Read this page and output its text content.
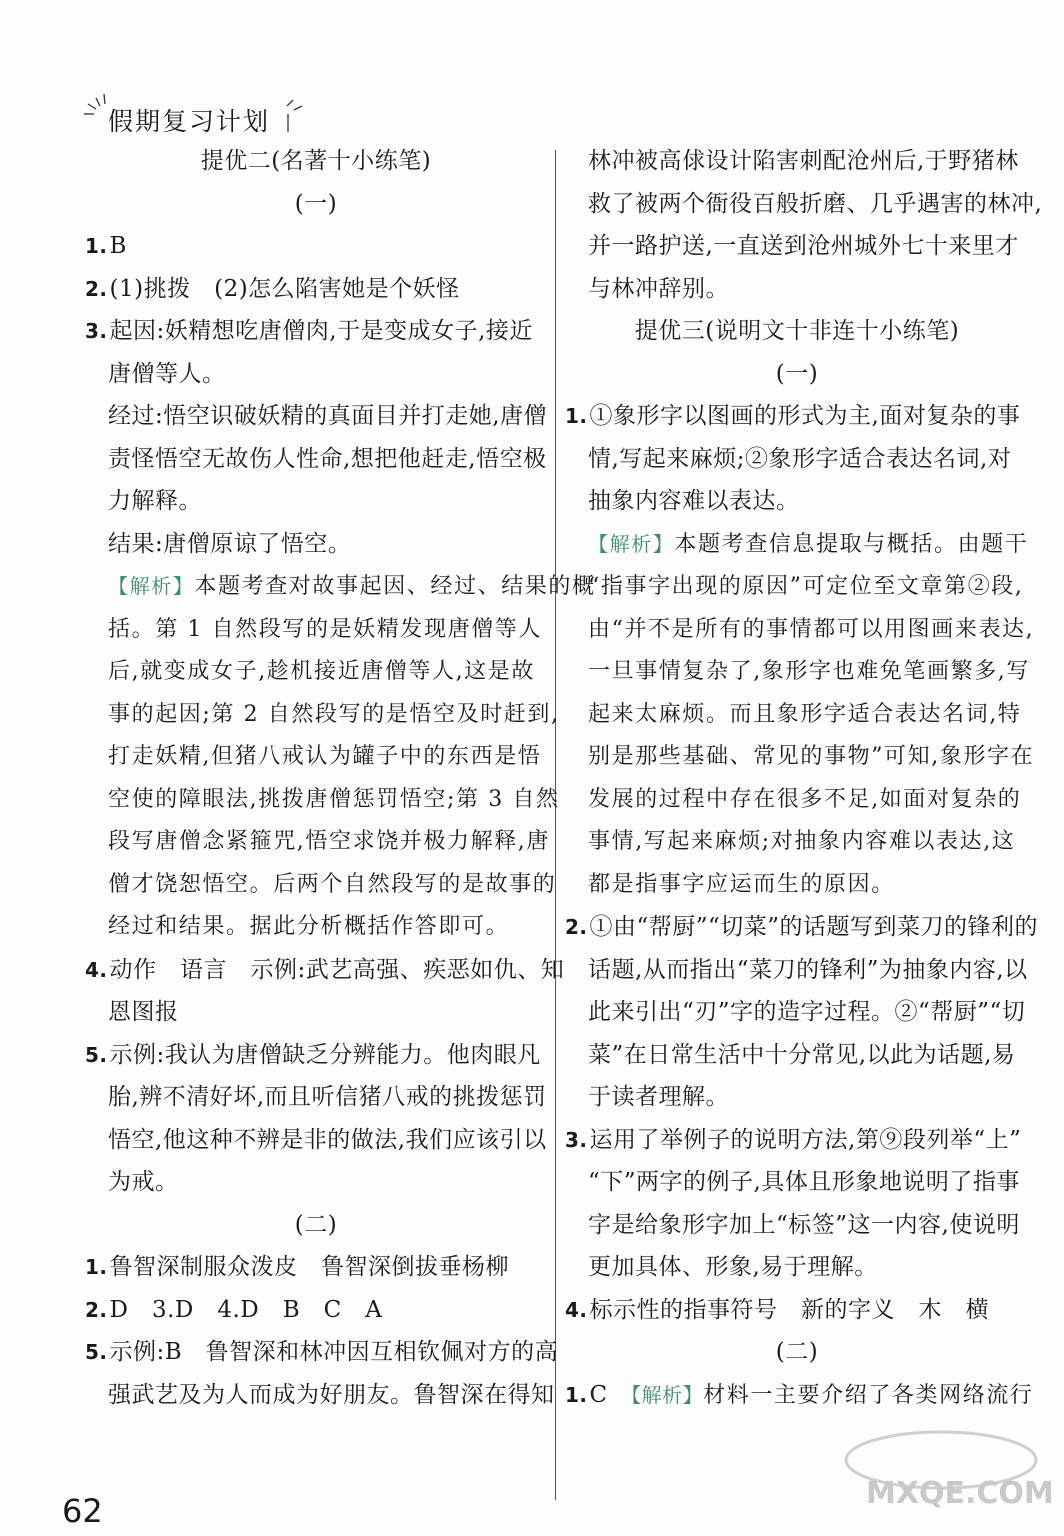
假期复习计划
提优二(名著十小练笔)
(一)
1.B
2.(1)挑拨　(2)怎么陷害她是个妖怪
3.起因:妖精想吃唐僧肉,于是变成女子,接近
唐僧等人。
经过:悟空识破妖精的真面目并打走她,唐僧
责怪悟空无故伤人性命,想把他赶走,悟空极
力解释。
结果:唐僧原谅了悟空。
【解析】本题考查对故事起因、经过、结果的概
括。第 1 自然段写的是妖精发现唐僧等人
后,就变成女子,趁机接近唐僧等人,这是故
事的起因;第 2 自然段写的是悟空及时赶到,
打走妖精,但猪八戒认为罐子中的东西是悟
空使的障眼法,挑拨唐僧惩罚悟空;第 3 自然
段写唐僧念紧箍咒,悟空求饶并极力解释,唐
僧才饶恕悟空。后两个自然段写的是故事的
经过和结果。据此分析概括作答即可。
4.动作　语言　示例:武艺高强、疾恶如仇、知
恩图报
5.示例:我认为唐僧缺乏分辨能力。他肉眼凡
胎,辨不清好坏,而且听信猪八戒的挑拨惩罚
悟空,他这种不辨是非的做法,我们应该引以
为戒。
(二)
1.鲁智深制服众泼皮　鲁智深倒拔垂杨柳
2.D　3.D　4.D　B　C　A
5.示例:B　鲁智深和林冲因互相钦佩对方的高
强武艺及为人而成为好朋友。鲁智深在得知
林冲被高俅设计陷害刺配沧州后,于野猪林
救了被两个衙役百般折磨、几乎遇害的林冲,
并一路护送,一直送到沧州城外七十来里才
与林冲辞别。
提优三(说明文十非连十小练笔)
(一)
1.①象形字以图画的形式为主,面对复杂的事
情,写起来麻烦;②象形字适合表达名词,对
抽象内容难以表达。
【解析】本题考查信息提取与概括。由题干
“指事字出现的原因”可定位至文章第②段,
由“并不是所有的事情都可以用图画来表达,
一旦事情复杂了,象形字也难免笔画繁多,写
起来太麻烦。而且象形字适合表达名词,特
别是那些基础、常见的事物”可知,象形字在
发展的过程中存在很多不足,如面对复杂的
事情,写起来麻烦;对抽象内容难以表达,这
都是指事字应运而生的原因。
2.①由“帮厨”“切菜”的话题写到菜刀的锋利的
话题,从而指出“菜刀的锋利”为抽象内容,以
此来引出“刃”字的造字过程。②“帮厨”“切
菜”在日常生活中十分常见,以此为话题,易
于读者理解。
3.运用了举例子的说明方法,第⑨段列举“上”
“下”两字的例子,具体且形象地说明了指事
字是给象形字加上“标签”这一内容,使说明
更加具体、形象,易于理解。
4.标示性的指事符号　新的字义　木　横
(二)
1.C　【解析】材料一主要介绍了各类网络流行
62	MXQE.COM
